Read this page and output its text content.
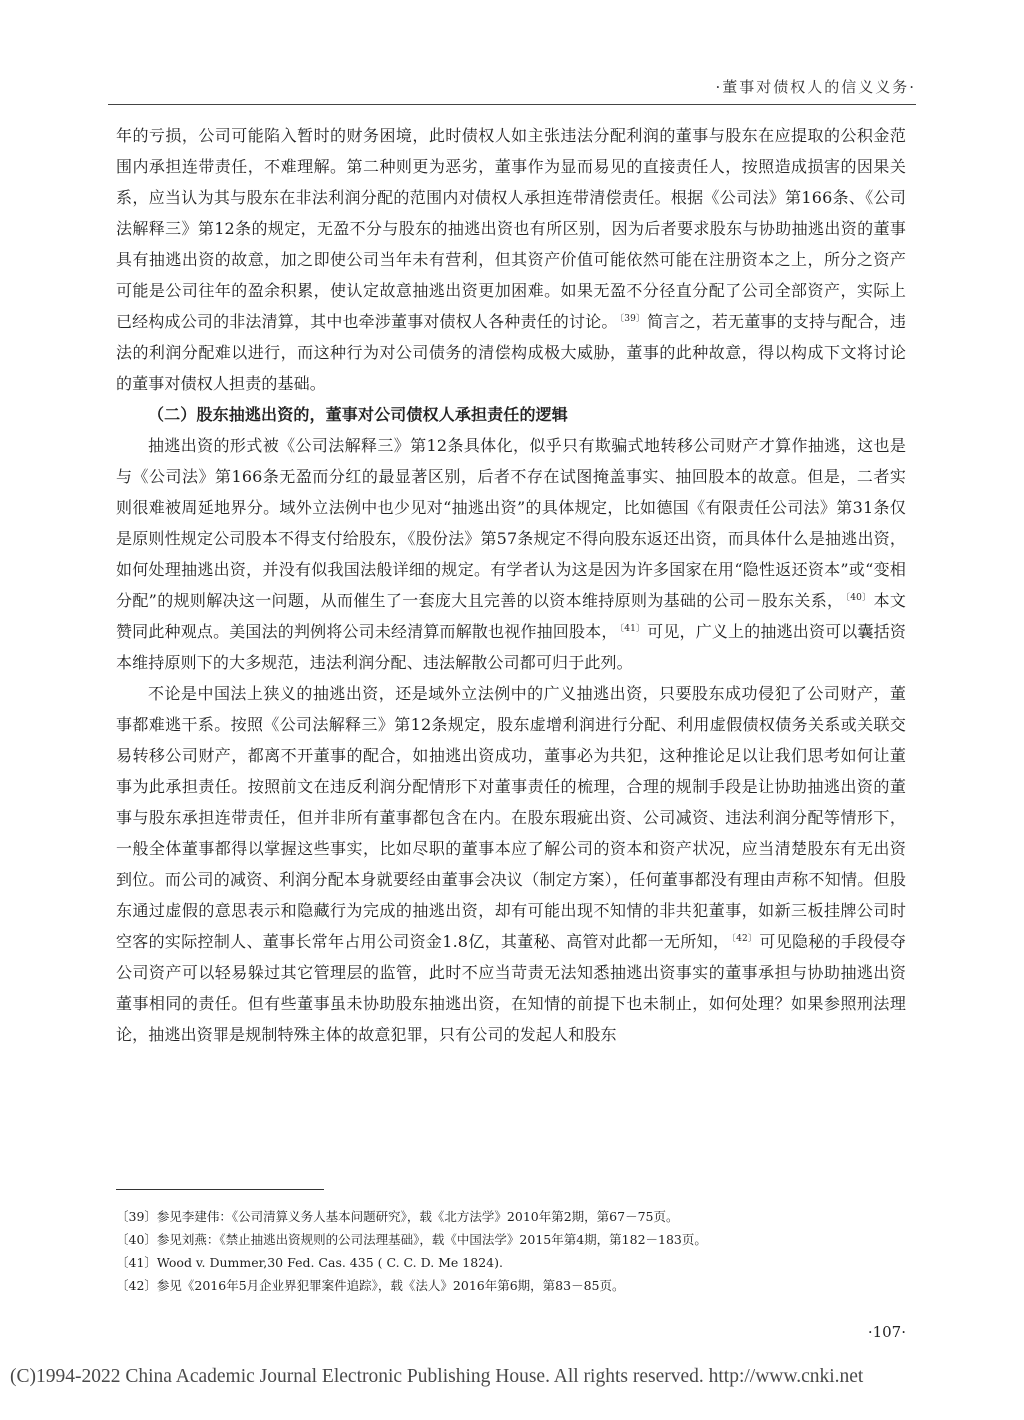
·董事对债权人的信义义务·

年的亏损，公司可能陷入暂时的财务困境，此时债权人如主张违法分配利润的董事与股东在应提取的公积金范围内承担连带责任，不难理解。第二种则更为恶劣，董事作为显而易见的直接责任人，按照造成损害的因果关系，应当认为其与股东在非法利润分配的范围内对债权人承担连带清偿责任。根据《公司法》第166条、《公司法解释三》第12条的规定，无盈不分与股东的抽逃出资也有所区别，因为后者要求股东与协助抽逃出资的董事具有抽逃出资的故意，加之即使公司当年未有营利，但其资产价值可能依然可能在注册资本之上，所分之资产可能是公司往年的盈余积累，使认定故意抽逃出资更加困难。如果无盈不分径直分配了公司全部资产，实际上已经构成公司的非法清算，其中也牵涉董事对债权人各种责任的讨论。 $^{〔39〕}$ 简言之，若无董事的支持与配合，违法的利润分配难以进行，而这种行为对公司债务的清偿构成极大威胁，董事的此种故意，得以构成下文将讨论的董事对债权人担责的基础。

（二）股东抽逃出资的，董事对公司债权人承担责任的逻辑

抽逃出资的形式被《公司法解释三》第12条具体化，似乎只有欺骗式地转移公司财产才算作抽逃，这也是与《公司法》第166条无盈而分红的最显著区别，后者不存在试图掩盖事实、抽回股本的故意。但是，二者实则很难被周延地界分。域外立法例中也少见对“抽逃出资”的具体规定，比如德国《有限责任公司法》第31条仅是原则性规定公司股本不得支付给股东，《股份法》第57条规定不得向股东返还出资，而具体什么是抽逃出资，如何处理抽逃出资，并没有似我国法般详细的规定。有学者认为这是因为许多国家在用“隐性返还资本”或“变相分配”的规则解决这一问题，从而催生了一套庞大且完善的以资本维持原则为基础的公司－股东关系， $^{〔40〕}$ 本文赞同此种观点。美国法的判例将公司未经清算而解散也视作抽回股本， $^{〔41〕}$ 可见，广义上的抽逃出资可以囊括资本维持原则下的大多规范，违法利润分配、违法解散公司都可归于此列。

不论是中国法上狭义的抽逃出资，还是域外立法例中的广义抽逃出资，只要股东成功侵犯了公司财产，董事都难逃干系。按照《公司法解释三》第12条规定，股东虚增利润进行分配、利用虚假债权债务关系或关联交易转移公司财产，都离不开董事的配合，如抽逃出资成功，董事必为共犯，这种推论足以让我们思考如何让董事为此承担责任。按照前文在违反利润分配情形下对董事责任的梳理，合理的规制手段是让协助抽逃出资的董事与股东承担连带责任，但并非所有董事都包含在内。在股东瑕疵出资、公司减资、违法利润分配等情形下，一般全体董事都得以掌握这些事实，比如尽职的董事本应了解公司的资本和资产状况，应当清楚股东有无出资到位。而公司的减资、利润分配本身就要经由董事会决议（制定方案），任何董事都没有理由声称不知情。但股东通过虚假的意思表示和隐藏行为完成的抽逃出资，却有可能出现不知情的非共犯董事，如新三板挂牌公司时空客的实际控制人、董事长常年占用公司资金1.8亿，其董秘、高管对此都一无所知， $^{〔42〕}$ 可见隐秘的手段侵夺公司资产可以轻易躲过其它管理层的监管，此时不应当苛责无法知悉抽逃出资事实的董事承担与协助抽逃出资董事相同的责任。但有些董事虽未协助股东抽逃出资，在知情的前提下也未制止，如何处理？如果参照刑法理论，抽逃出资罪是规制特殊主体的故意犯罪，只有公司的发起人和股东

〔39〕参见李建伟：《公司清算义务人基本问题研究》，载《北方法学》2010年第2期，第67－75页。
〔40〕参见刘燕：《禁止抽逃出资规则的公司法理基础》，载《中国法学》2015年第4期，第182－183页。
〔41〕Wood v. Dummer,30 Fed. Cas. 435 ( C. C. D. Me 1824).
〔42〕参见《2016年5月企业界犯罪案件追踪》，载《法人》2016年第6期，第83－85页。
·107·
(C)1994-2022 China Academic Journal Electronic Publishing House. All rights reserved. http://www.cnki.net
